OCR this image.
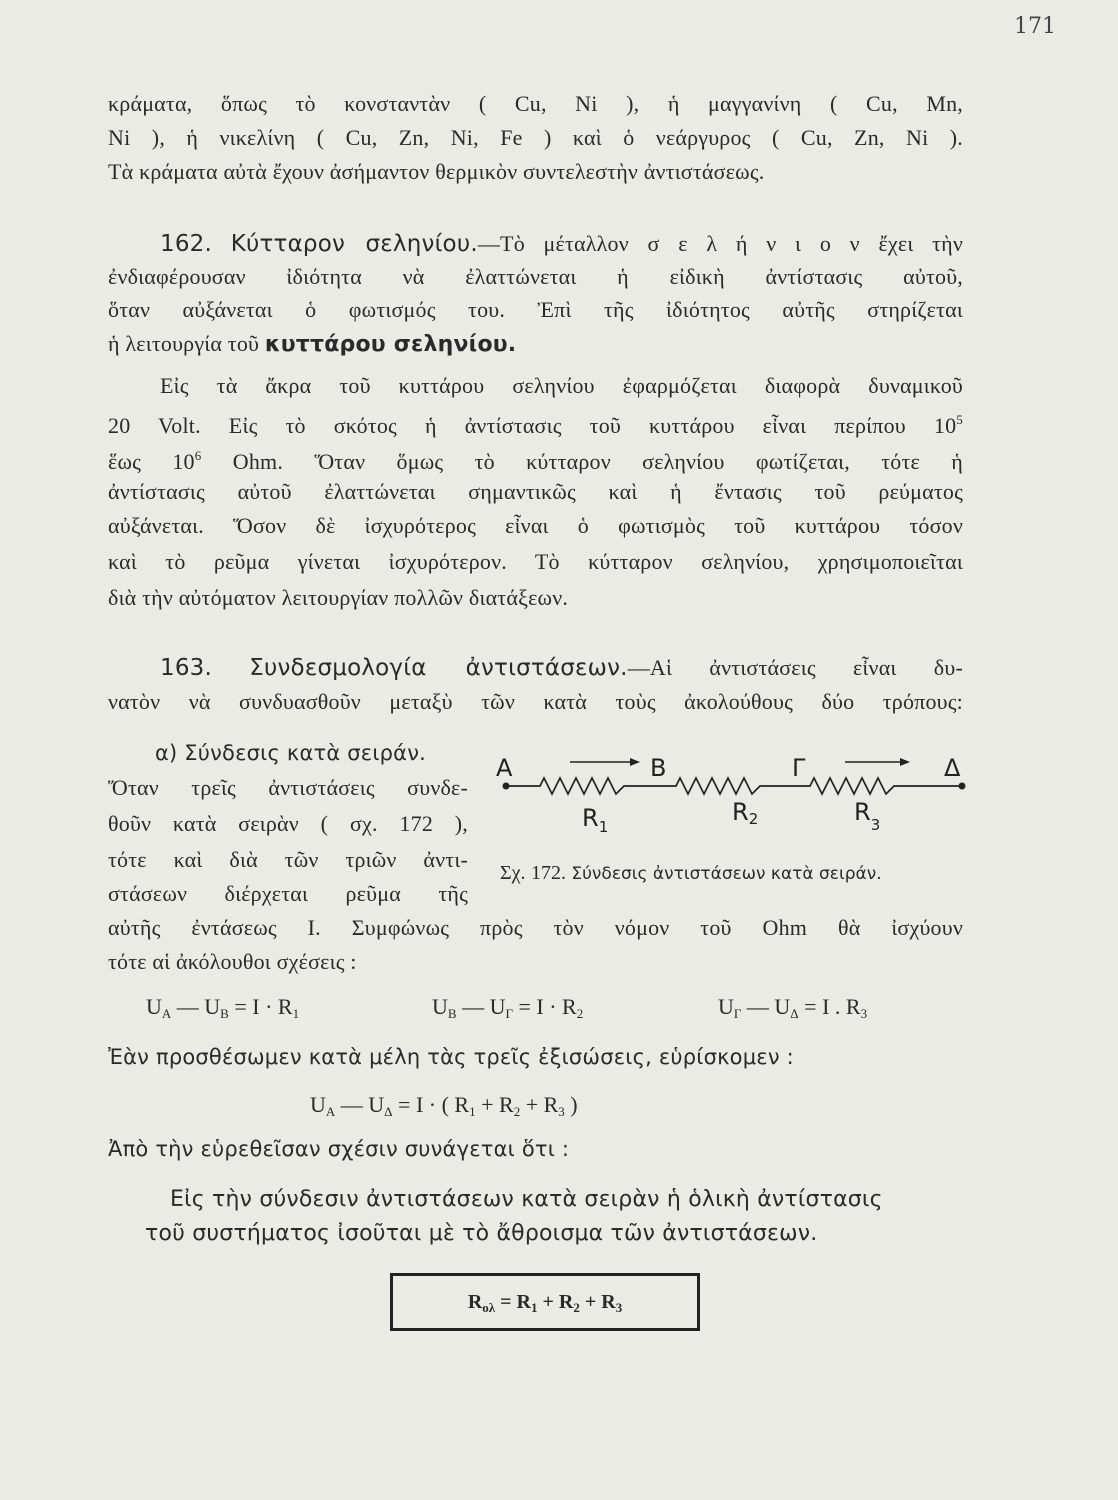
171
κράματα, ὅπως τὸ κονσταντὰν ( Cu, Ni ), ἡ μαγγανίνη ( Cu, Mn,
Ni ), ἡ νικελίνη ( Cu, Zn, Ni, Fe ) καὶ ὁ νεάργυρος ( Cu, Zn, Ni ).
Τὰ κράματα αὐτὰ ἔχουν ἀσήμαντον θερμικὸν συντελεστὴν ἀντιστάσεως.
162. Κύτταρον σεληνίου.—Τὸ μέταλλον σ ε λ ή ν ι ο ν ἔχει τὴν
ἐνδιαφέρουσαν ἰδιότητα νὰ ἐλαττώνεται ἡ εἰδικὴ ἀντίστασις αὐτοῦ,
ὅταν αὐξάνεται ὁ φωτισμός του. Ἐπὶ τῆς ἰδιότητος αὐτῆς στηρίζεται
ἡ λειτουργία τοῦ κυττάρου σεληνίου.
Εἰς τὰ ἄκρα τοῦ κυττάρου σεληνίου ἐφαρμόζεται διαφορὰ δυναμικοῦ
20 Volt. Εἰς τὸ σκότος ἡ ἀντίστασις τοῦ κυττάρου εἶναι περίπου $10^5$
ἕως $10^6$ Ohm. Ὅταν ὅμως τὸ κύτταρον σεληνίου φωτίζεται, τότε ἡ
ἀντίστασις αὐτοῦ ἐλαττώνεται σημαντικῶς καὶ ἡ ἔντασις τοῦ ρεύματος
αὐξάνεται. Ὅσον δὲ ἰσχυρότερος εἶναι ὁ φωτισμὸς τοῦ κυττάρου τόσον
καὶ τὸ ρεῦμα γίνεται ἰσχυρότερον. Τὸ κύτταρον σεληνίου, χρησιμοποιεῖται
διὰ τὴν αὐτόματον λειτουργίαν πολλῶν διατάξεων.
163. Συνδεσμολογία ἀντιστάσεων.—Αἱ ἀντιστάσεις εἶναι δυ-
νατὸν νὰ συνδυασθοῦν μεταξὺ τῶν κατὰ τοὺς ἀκολούθους δύο τρόπους:
α) Σύνδεσις κατὰ σειράν.
Ὅταν τρεῖς ἀντιστάσεις συνδε-
θοῦν κατὰ σειρὰν ( σχ. 172 ),
τότε καὶ διὰ τῶν τριῶν ἀντι-
στάσεων διέρχεται ρεῦμα τῆς
αὐτῆς ἐντάσεως I. Συμφώνως πρὸς τὸν νόμον τοῦ Ohm θὰ ἰσχύουν
τότε αἱ ἀκόλουθοι σχέσεις :
A	B	Γ	Δ
$R_1$
R2	$R_3$
Σχ. 172. Σύνδεσις ἀντιστάσεων κατὰ σειράν.
$U_A$ — $U_B = I \cdot R_1$	$U_B$ — $U_\Gamma = I \cdot R_2$	$U_\Gamma$ — $U_\Delta = I$ . $R_3$
Ἐὰν προσθέσωμεν κατὰ μέλη τὰς τρεῖς ἐξισώσεις, εὑρίσκομεν :
$U_A$ — $U_\Delta = I$ · ( $R_1 + R_2 + R_3$ )
Ἀπὸ τὴν εὑρεθεῖσαν σχέσιν συνάγεται ὅτι :
Εἰς τὴν σύνδεσιν ἀντιστάσεων κατὰ σειρὰν ἡ ὁλικὴ ἀντίστασις
τοῦ συστήματος ἰσοῦται μὲ τὸ ἄθροισμα τῶν ἀντιστάσεων.
$R_{o\lambda} = R_1 + R_2 + R_3$
